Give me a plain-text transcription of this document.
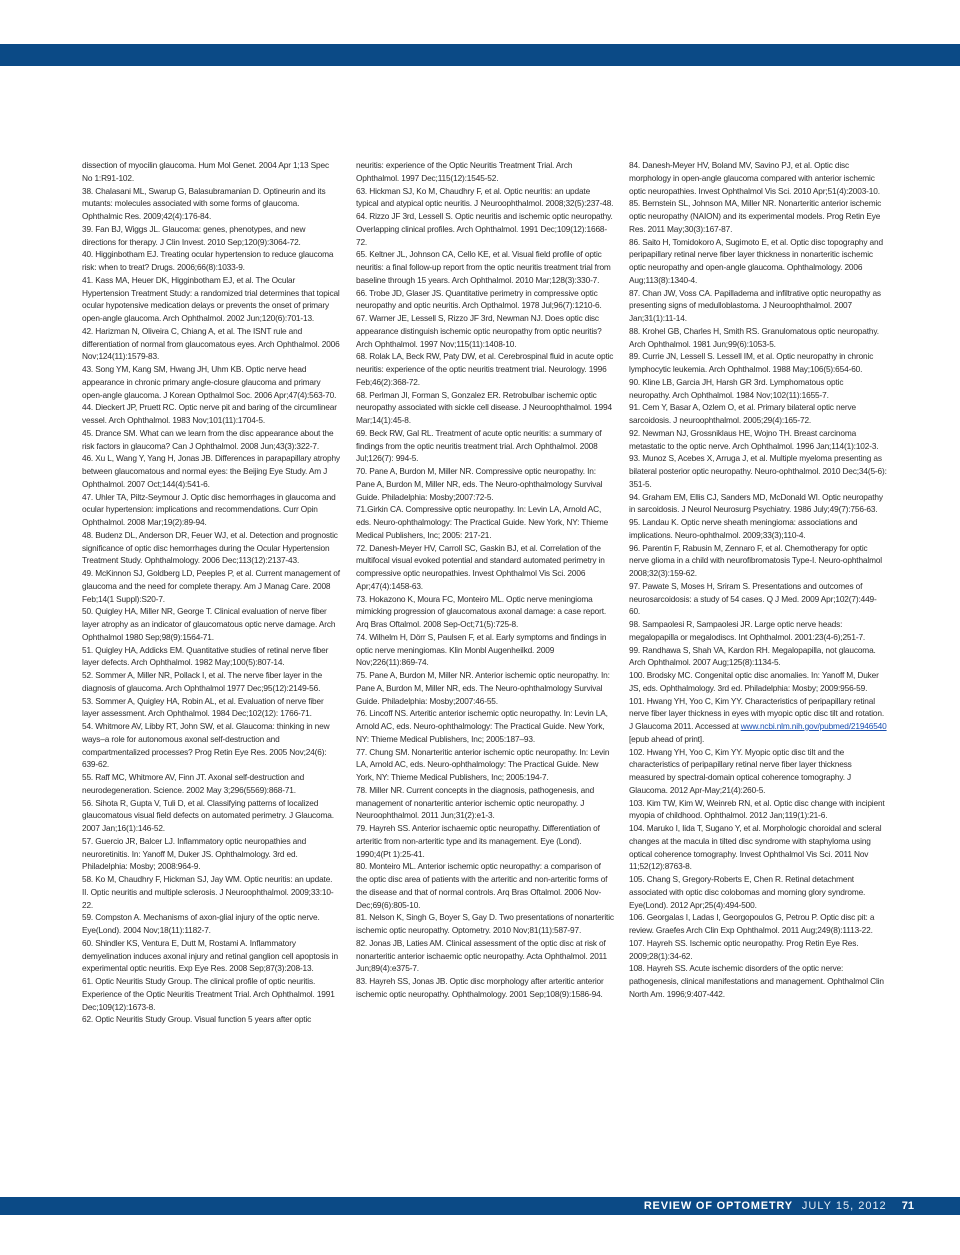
dissection of myocilin glaucoma. Hum Mol Genet. 2004 Apr 1;13 Spec No 1:R91-102.

38. Chalasani ML, Swarup G, Balasubramanian D. Optineurin and its mutants: molecules associated with some forms of glaucoma. Ophthalmic Res. 2009;42(4):176-84.

39. Fan BJ, Wiggs JL. Glaucoma: genes, phenotypes, and new directions for therapy. J Clin Invest. 2010 Sep;120(9):3064-72.

40. Higginbotham EJ. Treating ocular hypertension to reduce glaucoma risk: when to treat? Drugs. 2006;66(8):1033-9.

41. Kass MA, Heuer DK, Higginbotham EJ, et al. The Ocular Hypertension Treatment Study: a randomized trial determines that topical ocular hypotensive medication delays or prevents the onset of primary open-angle glaucoma. Arch Ophthalmol. 2002 Jun;120(6):701-13.

42. Harizman N, Oliveira C, Chiang A, et al. The ISNT rule and differentiation of normal from glaucomatous eyes. Arch Ophthalmol. 2006 Nov;124(11):1579-83.

43. Song YM, Kang SM, Hwang JH, Uhm KB. Optic nerve head appearance in chronic primary angle-closure glaucoma and primary open-angle glaucoma. J Korean Opthalmol Soc. 2006 Apr;47(4):563-70.

44. Dieckert JP, Pruett RC. Optic nerve pit and baring of the circumlinear vessel. Arch Ophthalmol. 1983 Nov;101(11):1704-5.

45. Drance SM. What can we learn from the disc appearance about the risk factors in glaucoma? Can J Ophthalmol. 2008 Jun;43(3):322-7.

46. Xu L, Wang Y, Yang H, Jonas JB. Differences in parapapillary atrophy between glaucomatous and normal eyes: the Beijing Eye Study. Am J Ophthalmol. 2007 Oct;144(4):541-6.

47. Uhler TA, Piltz-Seymour J. Optic disc hemorrhages in glaucoma and ocular hypertension: implications and recommendations. Curr Opin Ophthalmol. 2008 Mar;19(2):89-94.

48. Budenz DL, Anderson DR, Feuer WJ, et al. Detection and prognostic significance of optic disc hemorrhages during the Ocular Hypertension Treatment Study. Ophthalmology. 2006 Dec;113(12):2137-43.

49. McKinnon SJ, Goldberg LD, Peeples P, et al. Current management of glaucoma and the need for complete therapy. Am J Manag Care. 2008 Feb;14(1 Suppl):S20-7.

50. Quigley HA, Miller NR, George T. Clinical evaluation of nerve fiber layer atrophy as an indicator of glaucomatous optic nerve damage. Arch Ophthalmol 1980 Sep;98(9):1564-71.

51. Quigley HA, Addicks EM. Quantitative studies of retinal nerve fiber layer defects. Arch Ophthalmol. 1982 May;100(5):807-14.

52. Sommer A, Miller NR, Pollack I, et al. The nerve fiber layer in the diagnosis of glaucoma. Arch Ophthalmol 1977 Dec;95(12):2149-56.

53. Sommer A, Quigley HA, Robin AL, et al. Evaluation of nerve fiber layer assessment. Arch Ophthalmol. 1984 Dec;102(12): 1766-71.

54. Whitmore AV, Libby RT, John SW, et al. Glaucoma: thinking in new ways–a role for autonomous axonal self-destruction and compartmentalized processes? Prog Retin Eye Res. 2005 Nov;24(6): 639-62.

55. Raff MC, Whitmore AV, Finn JT. Axonal self-destruction and neurodegeneration. Science. 2002 May 3;296(5569):868-71.

56. Sihota R, Gupta V, Tuli D, et al. Classifying patterns of localized glaucomatous visual field defects on automated perimetry. J Glaucoma. 2007 Jan;16(1):146-52.

57. Guercio JR, Balcer LJ. Inflammatory optic neuropathies and neuroretinitis. In: Yanoff M, Duker JS. Ophthalmology. 3rd ed. Philadelphia: Mosby; 2008:964-9.

58. Ko M, Chaudhry F, Hickman SJ, Jay WM. Optic neuritis: an update. II. Optic neuritis and multiple sclerosis. J Neuroophthalmol. 2009;33:10-22.

59. Compston A. Mechanisms of axon-glial injury of the optic nerve. Eye(Lond). 2004 Nov;18(11):1182-7.

60. Shindler KS, Ventura E, Dutt M, Rostami A. Inflammatory demyelination induces axonal injury and retinal ganglion cell apoptosis in experimental optic neuritis. Exp Eye Res. 2008 Sep;87(3):208-13.

61. Optic Neuritis Study Group. The clinical profile of optic neuritis. Experience of the Optic Neuritis Treatment Trial. Arch Ophthalmol. 1991 Dec;109(12):1673-8.

62. Optic Neuritis Study Group. Visual function 5 years after optic

neuritis: experience of the Optic Neuritis Treatment Trial. Arch Ophthalmol. 1997 Dec;115(12):1545-52.

63. Hickman SJ, Ko M, Chaudhry F, et al. Optic neuritis: an update typical and atypical optic neuritis. J Neuroophthalmol. 2008;32(5):237-48.

64. Rizzo JF 3rd, Lessell S. Optic neuritis and ischemic optic neuropathy. Overlapping clinical profiles. Arch Ophthalmol. 1991 Dec;109(12):1668-72.

65. Keltner JL, Johnson CA, Cello KE, et al. Visual field profile of optic neuritis: a final follow-up report from the optic neuritis treatment trial from baseline through 15 years. Arch Ophthalmol. 2010 Mar;128(3):330-7.

66. Trobe JD, Glaser JS. Quantitative perimetry in compressive optic neuropathy and optic neuritis. Arch Opthalmol. 1978 Jul;96(7):1210-6.

67. Warner JE, Lessell S, Rizzo JF 3rd, Newman NJ. Does optic disc appearance distinguish ischemic optic neuropathy from optic neuritis? Arch Ophthalmol. 1997 Nov;115(11):1408-10.

68. Rolak LA, Beck RW, Paty DW, et al. Cerebrospinal fluid in acute optic neuritis: experience of the optic neuritis treatment trial. Neurology. 1996 Feb;46(2):368-72.

68. Perlman JI, Forman S, Gonzalez ER. Retrobulbar ischemic optic neuropathy associated with sickle cell disease. J Neuroophthalmol. 1994 Mar;14(1):45-8.

69. Beck RW, Gal RL. Treatment of acute optic neuritis: a summary of findings from the optic neuritis treatment trial. Arch Ophthalmol. 2008 Jul;126(7): 994-5.

70. Pane A, Burdon M, Miller NR. Compressive optic neuropathy. In: Pane A, Burdon M, Miller NR, eds. The Neuro-ophthalmology Survival Guide. Philadelphia: Mosby;2007:72-5.

71.Girkin CA. Compressive optic neuropathy. In: Levin LA, Arnold AC, eds. Neuro-ophthalmology: The Practical Guide. New York, NY: Thieme Medical Publishers, Inc; 2005: 217-21.

72. Danesh-Meyer HV, Carroll SC, Gaskin BJ, et al. Correlation of the multifocal visual evoked potential and standard automated perimetry in compressive optic neuropathies. Invest Ophthalmol Vis Sci. 2006 Apr;47(4):1458-63.

73. Hokazono K, Moura FC, Monteiro ML. Optic nerve meningioma mimicking progression of glaucomatous axonal damage: a case report. Arq Bras Oftalmol. 2008 Sep-Oct;71(5):725-8.

74. Wilhelm H, Dörr S, Paulsen F, et al. Early symptoms and findings in optic nerve meningiomas. Klin Monbl Augenheilkd. 2009 Nov;226(11):869-74.

75. Pane A, Burdon M, Miller NR. Anterior ischemic optic neuropathy. In: Pane A, Burdon M, Miller NR, eds. The Neuro-ophthalmology Survival Guide. Philadelphia: Mosby;2007:46-55.

76. Lincoff NS. Arteritic anterior ischemic optic neuropathy. In: Levin LA, Arnold AC, eds. Neuro-ophthalmology: The Practical Guide. New York, NY: Thieme Medical Publishers, Inc; 2005:187–93.

77. Chung SM. Nonarteritic anterior ischemic optic neuropathy. In: Levin LA, Arnold AC, eds. Neuro-ophthalmology: The Practical Guide. New York, NY: Thieme Medical Publishers, Inc; 2005:194-7.

78. Miller NR. Current concepts in the diagnosis, pathogenesis, and management of nonarteritic anterior ischemic optic neuropathy. J Neuroophthalmol. 2011 Jun;31(2):e1-3.

79. Hayreh SS. Anterior ischaemic optic neuropathy. Differentiation of arteritic from non-arteritic type and its management. Eye (Lond). 1990;4(Pt 1):25-41.

80. Monteiro ML. Anterior ischemic optic neuropathy: a comparison of the optic disc area of patients with the arteritic and non-arteritic forms of the disease and that of normal controls. Arq Bras Oftalmol. 2006 Nov-Dec;69(6):805-10.

81. Nelson K, Singh G, Boyer S, Gay D. Two presentations of nonarteritic ischemic optic neuropathy. Optometry. 2010 Nov;81(11):587-97.

82. Jonas JB, Laties AM. Clinical assessment of the optic disc at risk of nonarteritic anterior ischaemic optic neuropathy. Acta Ophthalmol. 2011 Jun;89(4):e375-7.

83. Hayreh SS, Jonas JB. Optic disc morphology after arteritic anterior ischemic optic neuropathy. Ophthalmology. 2001 Sep;108(9):1586-94.

84. Danesh-Meyer HV, Boland MV, Savino PJ, et al. Optic disc morphology in open-angle glaucoma compared with anterior ischemic optic neuropathies. Invest Ophthalmol Vis Sci. 2010 Apr;51(4):2003-10.

85. Bernstein SL, Johnson MA, Miller NR. Nonarteritic anterior ischemic optic neuropathy (NAION) and its experimental models. Prog Retin Eye Res. 2011 May;30(3):167-87.

86. Saito H, Tomidokoro A, Sugimoto E, et al. Optic disc topography and peripapillary retinal nerve fiber layer thickness in nonarteritic ischemic optic neuropathy and open-angle glaucoma. Ophthalmology. 2006 Aug;113(8):1340-4.

87. Chan JW, Voss CA. Papilladema and infiltrative optic neuropathy as presenting signs of medulloblastoma. J Neuroophthalmol. 2007 Jan;31(1):11-14.

88. Krohel GB, Charles H, Smith RS. Granulomatous optic neuropathy. Arch Ophthalmol. 1981 Jun;99(6):1053-5.

89. Currie JN, Lessell S. Lessell IM, et al. Optic neuropathy in chronic lymphocytic leukemia. Arch Ophthalmol. 1988 May;106(5):654-60.

90. Kline LB, Garcia JH, Harsh GR 3rd. Lymphomatous optic neuropathy. Arch Ophthalmol. 1984 Nov;102(11):1655-7.

91. Cem Y, Basar A, Ozlem O, et al. Primary bilateral optic nerve sarcoidosis. J neuroophthalmol. 2005;29(4):165-72.

92. Newman NJ, Grossniklaus HE, Wojno TH. Breast carcinoma metastatic to the optic nerve. Arch Ophthalmol. 1996 Jan;114(1):102-3.

93. Munoz S, Acebes X, Arruga J, et al. Multiple myeloma presenting as bilateral posterior optic neuropathy. Neuro-ophthalmol. 2010 Dec;34(5-6): 351-5.

94. Graham EM, Ellis CJ, Sanders MD, McDonald WI. Optic neuropathy in sarcoidosis. J Neurol Neurosurg Psychiatry. 1986 July;49(7):756-63.

95. Landau K. Optic nerve sheath meningioma: associations and implications. Neuro-ophthalmol. 2009;33(3);110-4.

96. Parentin F, Rabusin M, Zennaro F, et al. Chemotherapy for optic nerve glioma in a child with neurofibromatosis Type-I. Neuro-ophthalmol 2008;32(3):159-62.

97. Pawate S, Moses H, Sriram S. Presentations and outcomes of neurosarcoidosis: a study of 54 cases. Q J Med. 2009 Apr;102(7):449-60.

98. Sampaolesi R, Sampaolesi JR. Large optic nerve heads: megalopapilla or megalodiscs. Int Ophthalmol. 2001:23(4-6);251-7.

99. Randhawa S, Shah VA, Kardon RH. Megalopapilla, not glaucoma. Arch Ophthalmol. 2007 Aug;125(8):1134-5.

100. Brodsky MC. Congenital optic disc anomalies. In: Yanoff M, Duker JS, eds. Ophthalmology. 3rd ed. Philadelphia: Mosby; 2009:956-59.

101. Hwang YH, Yoo C, Kim YY. Characteristics of peripapillary retinal nerve fiber layer thickness in eyes with myopic optic disc tilt and rotation. J Glaucoma 2011. Accessed at www.ncbi.nlm.nih.gov/pubmed/21946540 [epub ahead of print].

102. Hwang YH, Yoo C, Kim YY. Myopic optic disc tilt and the characteristics of peripapillary retinal nerve fiber layer thickness measured by spectral-domain optical coherence tomography. J Glaucoma. 2012 Apr-May;21(4):260-5.

103. Kim TW, Kim W, Weinreb RN, et al. Optic disc change with incipient myopia of childhood. Ophthalmol. 2012 Jan;119(1):21-6.

104. Maruko I, Iida T, Sugano Y, et al. Morphologic choroidal and scleral changes at the macula in tilted disc syndrome with staphyloma using optical coherence tomography. Invest Ophthalmol Vis Sci. 2011 Nov 11;52(12):8763-8.

105. Chang S, Gregory-Roberts E, Chen R. Retinal detachment associated with optic disc colobomas and morning glory syndrome. Eye(Lond). 2012 Apr;25(4):494-500.

106. Georgalas I, Ladas I, Georgopoulos G, Petrou P. Optic disc pit: a review. Graefes Arch Clin Exp Ophthalmol. 2011 Aug;249(8):1113-22.

107. Hayreh SS. Ischemic optic neuropathy. Prog Retin Eye Res. 2009;28(1):34-62.

108. Hayreh SS. Acute ischemic disorders of the optic nerve: pathogenesis, clinical manifestations and management. Ophthalmol Clin North Am. 1996;9:407-442.

REVIEW OF OPTOMETRY JULY 15, 2012 71
